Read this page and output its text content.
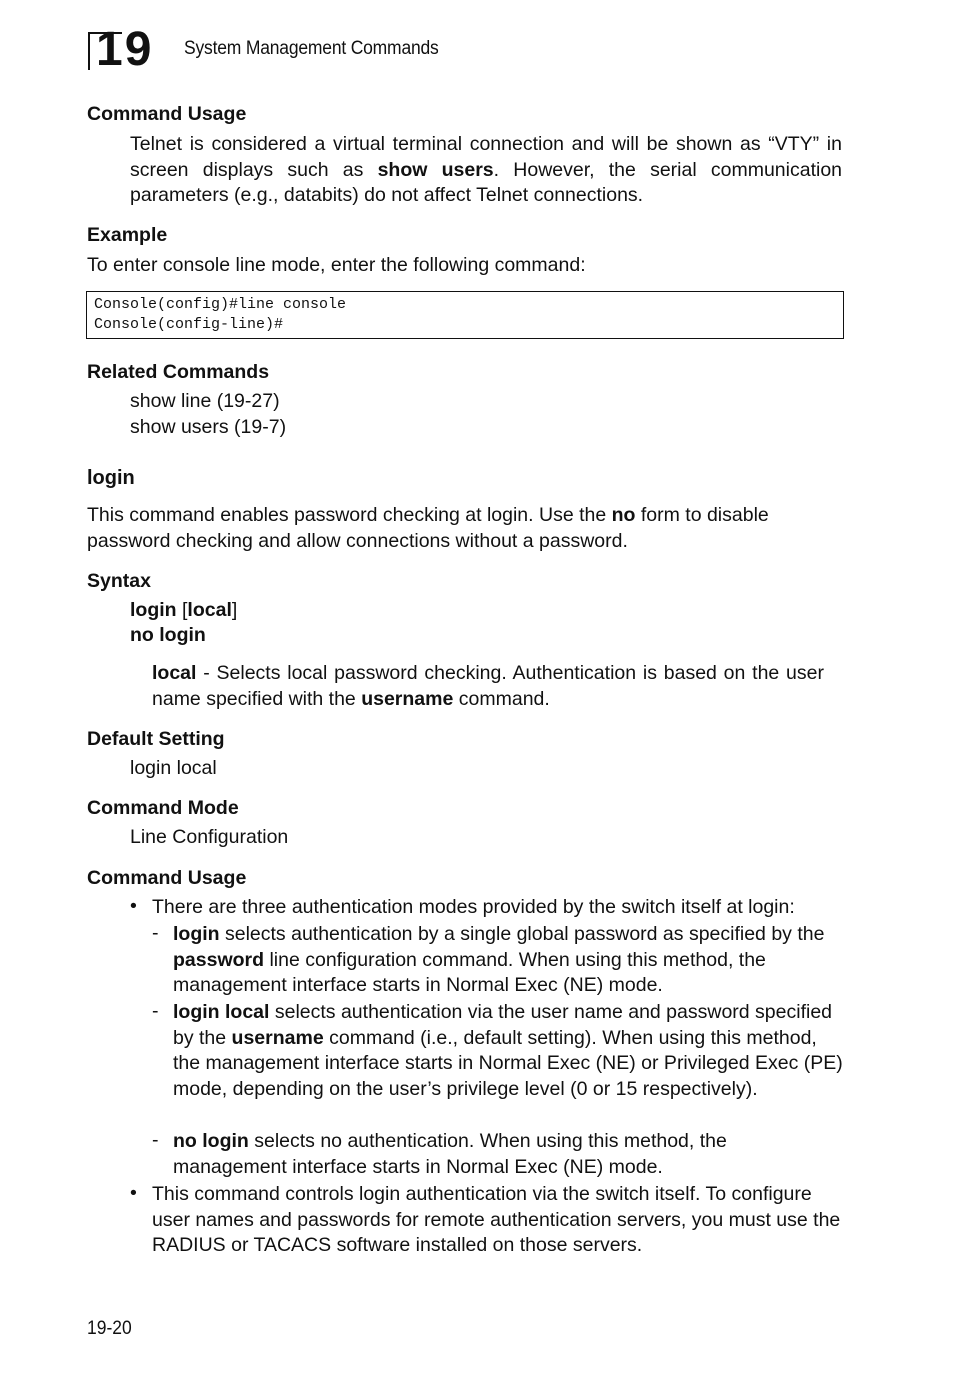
19 System Management Commands
Command Usage
Telnet is considered a virtual terminal connection and will be shown as “VTY” in screen displays such as show users. However, the serial communication parameters (e.g., databits) do not affect Telnet connections.
Example
To enter console line mode, enter the following command:
Console(config)#line console
Console(config-line)#
Related Commands
show line (19-27)
show users (19-7)
login
This command enables password checking at login. Use the no form to disable password checking and allow connections without a password.
Syntax
login [local]
no login
local - Selects local password checking. Authentication is based on the user name specified with the username command.
Default Setting
login local
Command Mode
Line Configuration
Command Usage
• There are three authentication modes provided by the switch itself at login:
- login selects authentication by a single global password as specified by the password line configuration command. When using this method, the management interface starts in Normal Exec (NE) mode.
- login local selects authentication via the user name and password specified by the username command (i.e., default setting). When using this method, the management interface starts in Normal Exec (NE) or Privileged Exec (PE) mode, depending on the user’s privilege level (0 or 15 respectively).
- no login selects no authentication. When using this method, the management interface starts in Normal Exec (NE) mode.
• This command controls login authentication via the switch itself. To configure user names and passwords for remote authentication servers, you must use the RADIUS or TACACS software installed on those servers.
19-20
